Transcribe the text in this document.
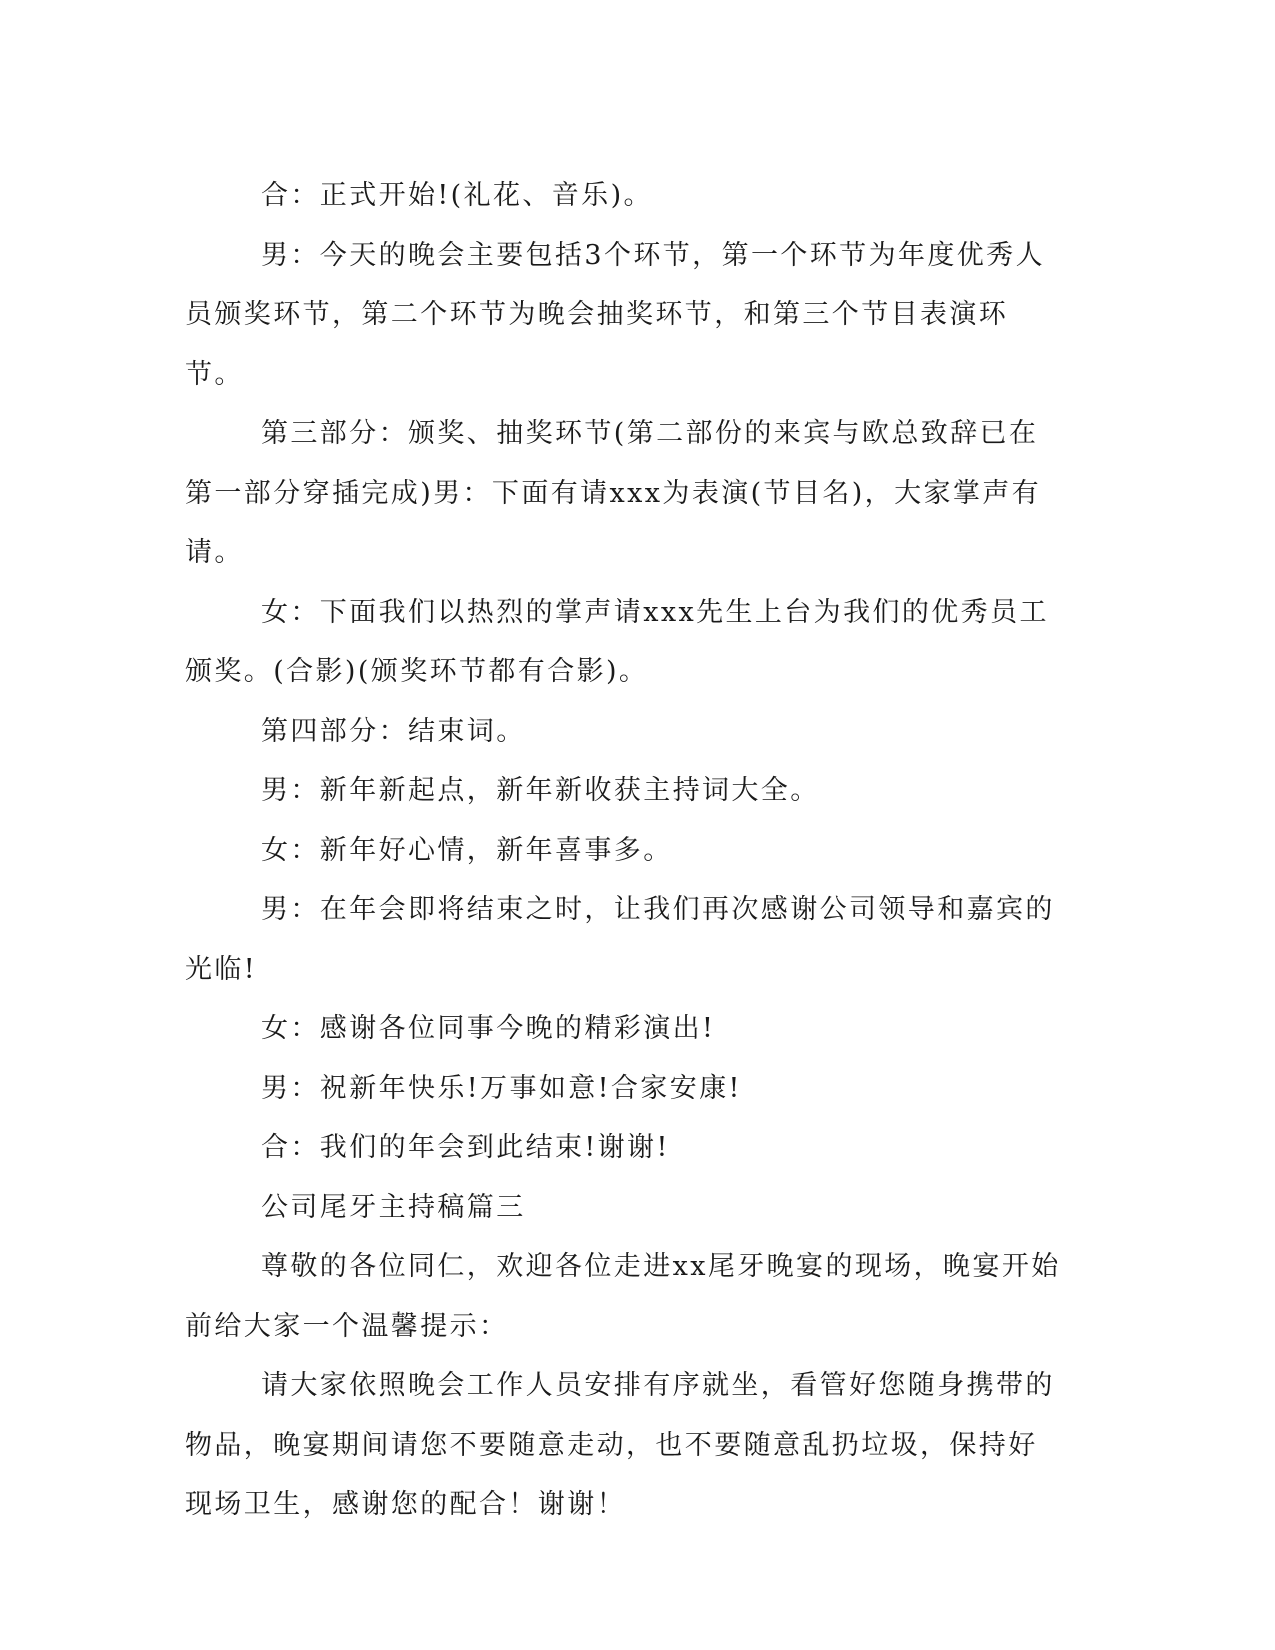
合：正式开始!(礼花、音乐)。

男：今天的晚会主要包括3个环节，第一个环节为年度优秀人员颁奖环节，第二个环节为晚会抽奖环节，和第三个节目表演环节。

第三部分：颁奖、抽奖环节(第二部份的来宾与欧总致辞已在第一部分穿插完成)男：下面有请xxx为表演(节目名)，大家掌声有请。

女：下面我们以热烈的掌声请xxx先生上台为我们的优秀员工颁奖。(合影)(颁奖环节都有合影)。

第四部分：结束词。

男：新年新起点，新年新收获主持词大全。

女：新年好心情，新年喜事多。

男：在年会即将结束之时，让我们再次感谢公司领导和嘉宾的光临!

女：感谢各位同事今晚的精彩演出!

男：祝新年快乐!万事如意!合家安康!

合：我们的年会到此结束!谢谢!

公司尾牙主持稿篇三

尊敬的各位同仁，欢迎各位走进xx尾牙晚宴的现场，晚宴开始前给大家一个温馨提示：

请大家依照晚会工作人员安排有序就坐，看管好您随身携带的物品，晚宴期间请您不要随意走动，也不要随意乱扔垃圾，保持好现场卫生，感谢您的配合！谢谢！
